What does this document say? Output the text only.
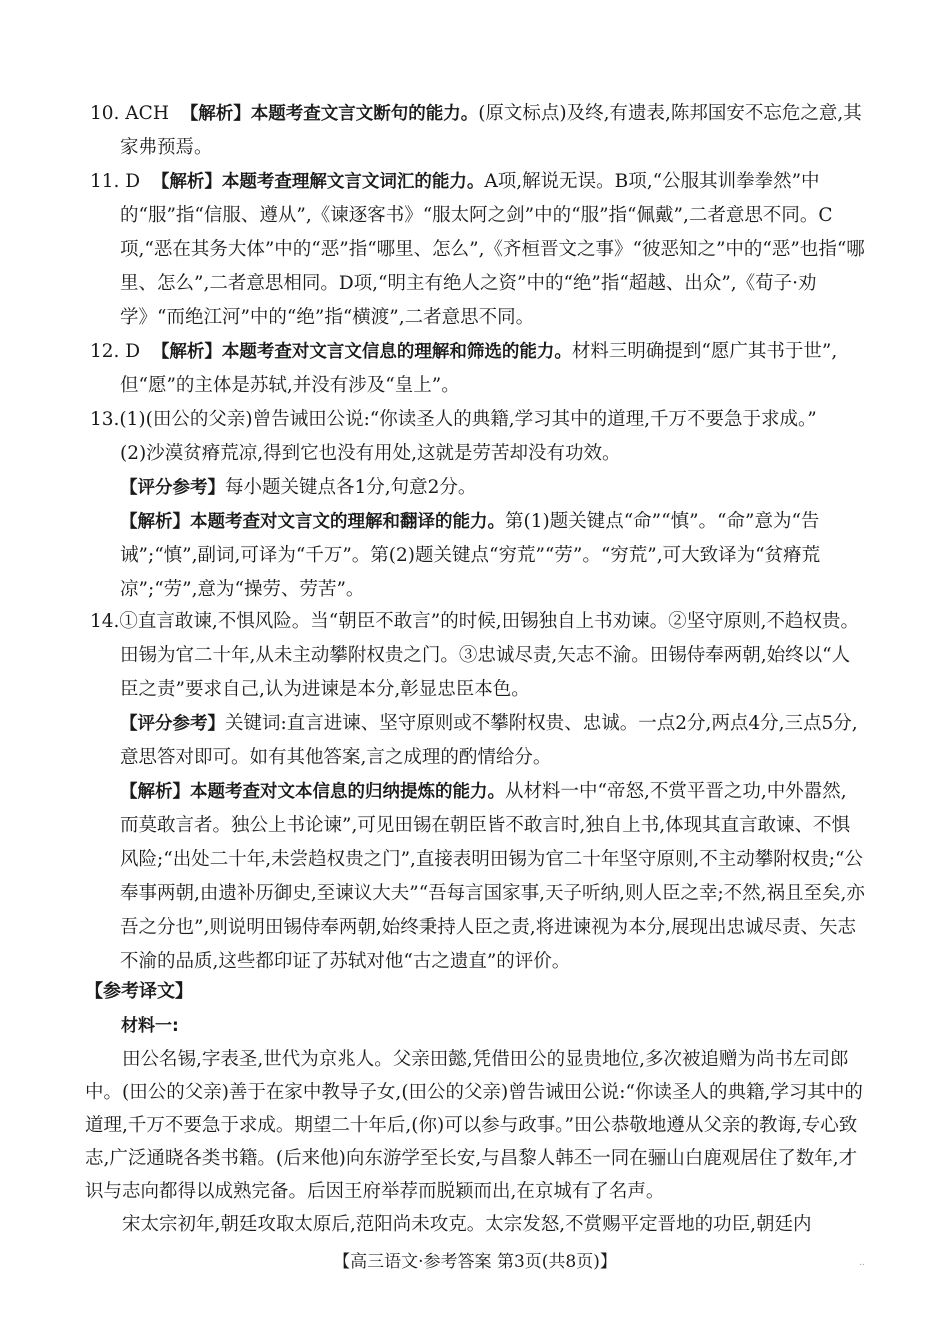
10. ACH 【解析】本题考查文言文断句的能力。(原文标点)及终,有遗表,陈邦国安不忘危之意,其家弗预焉。
11. D 【解析】本题考查理解文言文词汇的能力。A项,解说无误。B项,“公服其训拳拳然”中的“服”指“信服、遵从”,《谏逐客书》“服太阿之剑”中的“服”指“佩戴”,二者意思不同。C项,“恶在其务大体”中的“恶”指“哪里、怎么”,《齐桓晋文之事》“彼恶知之”中的“恶”也指“哪里、怎么”,二者意思相同。D项,“明主有绝人之资”中的“绝”指“超越、出众”,《荀子·劝学》“而绝江河”中的“绝”指“横渡”,二者意思不同。
12. D 【解析】本题考查对文言文信息的理解和筛选的能力。材料三明确提到“愿广其书于世”,但“愿”的主体是苏轼,并没有涉及“皇上”。
13.(1)(田公的父亲)曾告诫田公说:“你读圣人的典籍,学习其中的道理,千万不要急于求成。”
(2)沙漠贫瘠荒凉,得到它也没有用处,这就是劳苦却没有功效。
【评分参考】每小题关键点各1分,句意2分。
【解析】本题考查对文言文的理解和翻译的能力。第(1)题关键点“命”“慎”。“命”意为“告诫”;“慎”,副词,可译为“千万”。第(2)题关键点“穷荒”“劳”。“穷荒”,可大致译为“贫瘠荒凉”;“劳”,意为“操劳、劳苦”。
14.①直言敢谏,不惧风险。当“朝臣不敢言”的时候,田锡独自上书劝谏。②坚守原则,不趋权贵。田锡为官二十年,从未主动攀附权贵之门。③忠诚尽责,矢志不渝。田锡侍奉两朝,始终以“人臣之责”要求自己,认为进谏是本分,彰显忠臣本色。
【评分参考】关键词:直言进谏、坚守原则或不攀附权贵、忠诚。一点2分,两点4分,三点5分,意思答对即可。如有其他答案,言之成理的酌情给分。
【解析】本题考查对文本信息的归纳提炼的能力。从材料一中“帝怒,不赏平晋之功,中外嚣然,而莫敢言者。独公上书论谏”,可见田锡在朝臣皆不敢言时,独自上书,体现其直言敢谏、不惧风险;“出处二十年,未尝趋权贵之门”,直接表明田锡为官二十年坚守原则,不主动攀附权贵;“公奉事两朝,由遗补历御史,至谏议大夫”“吾每言国家事,天子听纳,则人臣之幸;不然,祸且至矣,亦吾之分也”,则说明田锡侍奉两朝,始终秉持人臣之责,将进谏视为本分,展现出忠诚尽责、矢志不渝的品质,这些都印证了苏轼对他“古之遗直”的评价。
【参考译文】
材料一:
田公名锡,字表圣,世代为京兆人。父亲田懿,凭借田公的显贵地位,多次被追赠为尚书左司郎中。(田公的父亲)善于在家中教导子女,(田公的父亲)曾告诫田公说:“你读圣人的典籍,学习其中的道理,千万不要急于求成。期望二十年后,(你)可以参与政事。”田公恭敬地遵从父亲的教诲,专心致志,广泛通晓各类书籍。(后来他)向东游学至长安,与昌黎人韩丕一同在骊山白鹿观居住了数年,才识与志向都得以成熟完备。后因王府举荐而脱颖而出,在京城有了名声。
宋太宗初年,朝廷攻取太原后,范阳尚未攻克。太宗发怒,不赏赐平定晋地的功臣,朝廷内
【高三语文·参考答案 第3页(共8页)】	..
